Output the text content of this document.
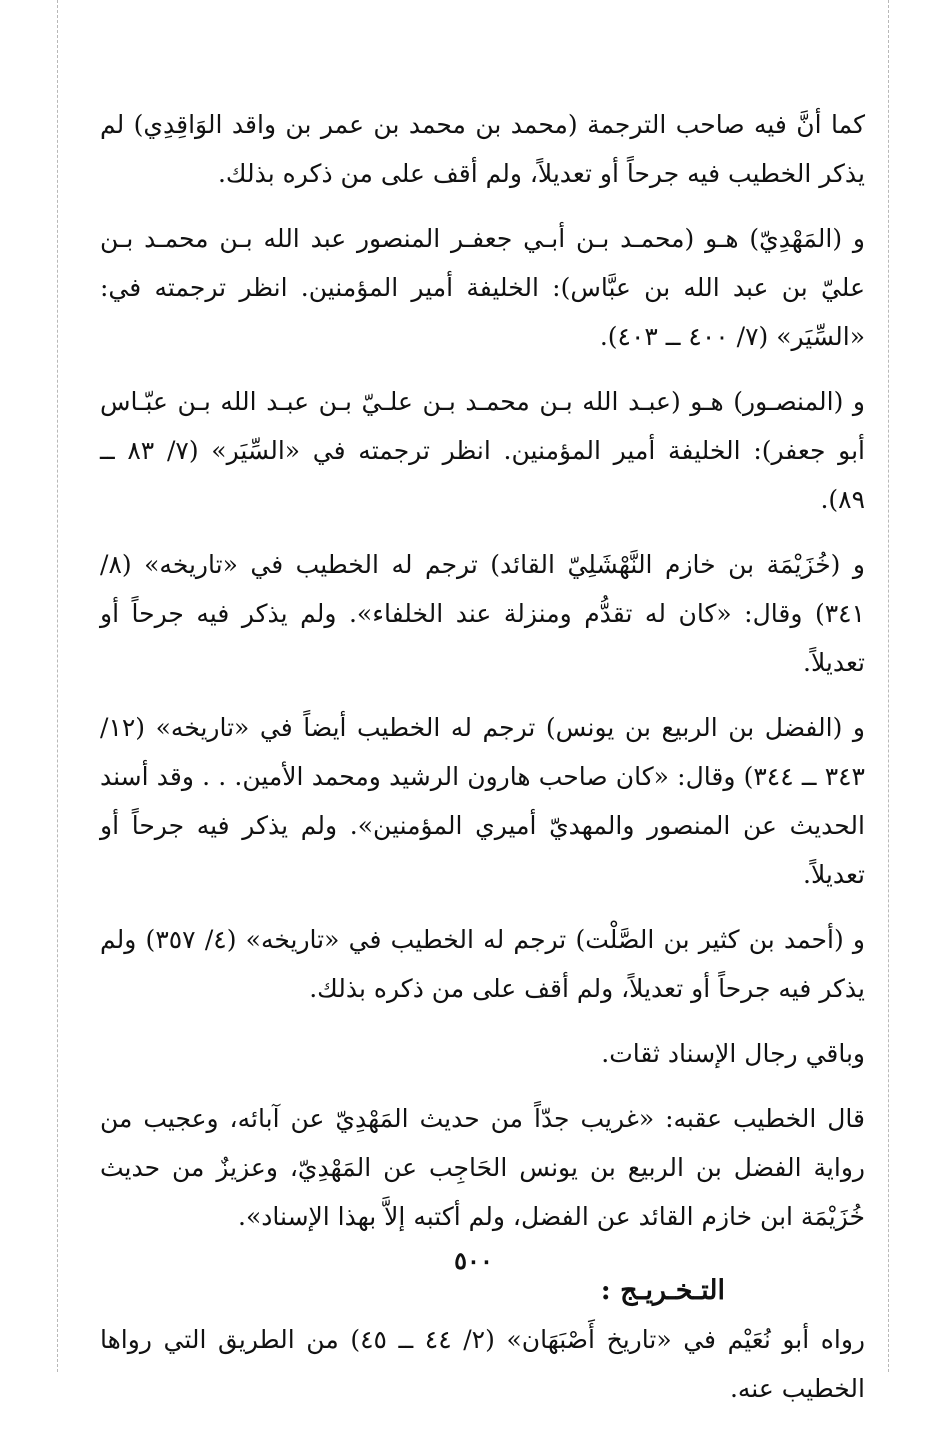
كما أنَّ فيه صاحب الترجمة (محمد بن محمد بن عمر بن واقد الوَاقِدِي) لم يذكر الخطيب فيه جرحاً أو تعديلاً، ولم أقف على من ذكره بذلك.

و (المَهْدِيّ) هـو (محمـد بـن أبـي جعفـر المنصور عبد الله بـن محمـد بـن عليّ بن عبد الله بن عبَّاس): الخليفة أمير المؤمنين. انظر ترجمته في: «السِّيَر» (٧/ ٤٠٠ ــ ٤٠٣).

و (المنصـور) هـو (عبـد الله بـن محمـد بـن علـيّ بـن عبـد الله بـن عبّـاس أبو جعفر): الخليفة أمير المؤمنين. انظر ترجمته في «السِّيَر» (٧/ ٨٣ ــ ٨٩).

و (خُزَيْمَة بن خازم النَّهْشَلِيّ القائد) ترجم له الخطيب في «تاريخه» (٨/ ٣٤١) وقال: «كان له تقدُّم ومنزلة عند الخلفاء». ولم يذكر فيه جرحاً أو تعديلاً.

و (الفضل بن الربيع بن يونس) ترجم له الخطيب أيضاً في «تاريخه» (١٢/ ٣٤٣ ــ ٣٤٤) وقال: «كان صاحب هارون الرشيد ومحمد الأمين. . . وقد أسند الحديث عن المنصور والمهديّ أميري المؤمنين». ولم يذكر فيه جرحاً أو تعديلاً.

و (أحمد بن كثير بن الصَّلْت) ترجم له الخطيب في «تاريخه» (٤/ ٣٥٧) ولم يذكر فيه جرحاً أو تعديلاً، ولم أقف على من ذكره بذلك.

وباقي رجال الإسناد ثقات.

قال الخطيب عقبه: «غريب جدّاً من حديث المَهْدِيّ عن آبائه، وعجيب من رواية الفضل بن الربيع بن يونس الحَاجِب عن المَهْدِيّ، وعزيزٌ من حديث خُزَيْمَة ابن خازم القائد عن الفضل، ولم أكتبه إلاَّ بهذا الإسناد».

التـخـريـج :

رواه أبو نُعَيْم في «تاريخ أَصْبَهَان» (٢/ ٤٤ ــ ٤٥) من الطريق التي رواها الخطيب عنه.

٥٠٠
